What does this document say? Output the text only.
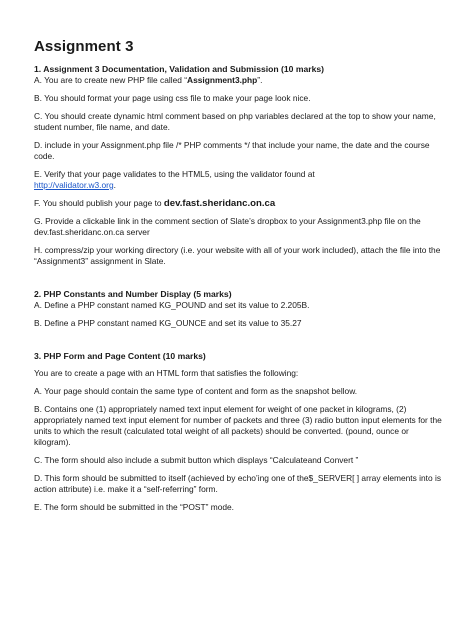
Assignment 3

1. Assignment 3 Documentation, Validation and Submission (10 marks)

A. You are to create new PHP file called “Assignment3.php”.

B. You should format your page using css file to make your page look nice.

C. You should create dynamic html comment based on php variables declared at the top to show your name, student number, file name, and date.

D. include in your Assignment.php file /* PHP comments */ that include your name, the date and the course code.

E. Verify that your page validates to the HTML5, using the validator found at
http://validator.w3.org.

F. You should publish your page to dev.fast.sheridanc.on.ca

G. Provide a clickable link in the comment section of Slate’s dropbox to your Assignment3.php file on the dev.fast.sheridanc.on.ca server

H. compress/zip your working directory (i.e. your website with all of your work included), attach the file into the “Assignment3” assignment in Slate.

2. PHP Constants and Number Display (5 marks)

A. Define a PHP constant named KG_POUND and set its value to 2.205B.

B. Define a PHP constant named KG_OUNCE and set its value to 35.27

3. PHP Form and Page Content (10 marks)

You are to create a page with an HTML form that satisfies the following:

A. Your page should contain the same type of content and form as the snapshot bellow.

B. Contains one (1) appropriately named text input element for weight of one packet in kilograms, (2) appropriately named text input element for number of packets and three (3) radio button input elements for the units to which the result (calculated total weight of all packets) should be converted. (pound, ounce or kilogram).

C. The form should also include a submit button which displays “Calculateand Convert ”

D. This form should be submitted to itself (achieved by echo’ing one of the$_SERVER[ ] array elements into is action attribute) i.e. make it a “self-referring” form.

E. The form should be submitted in the “POST” mode.
